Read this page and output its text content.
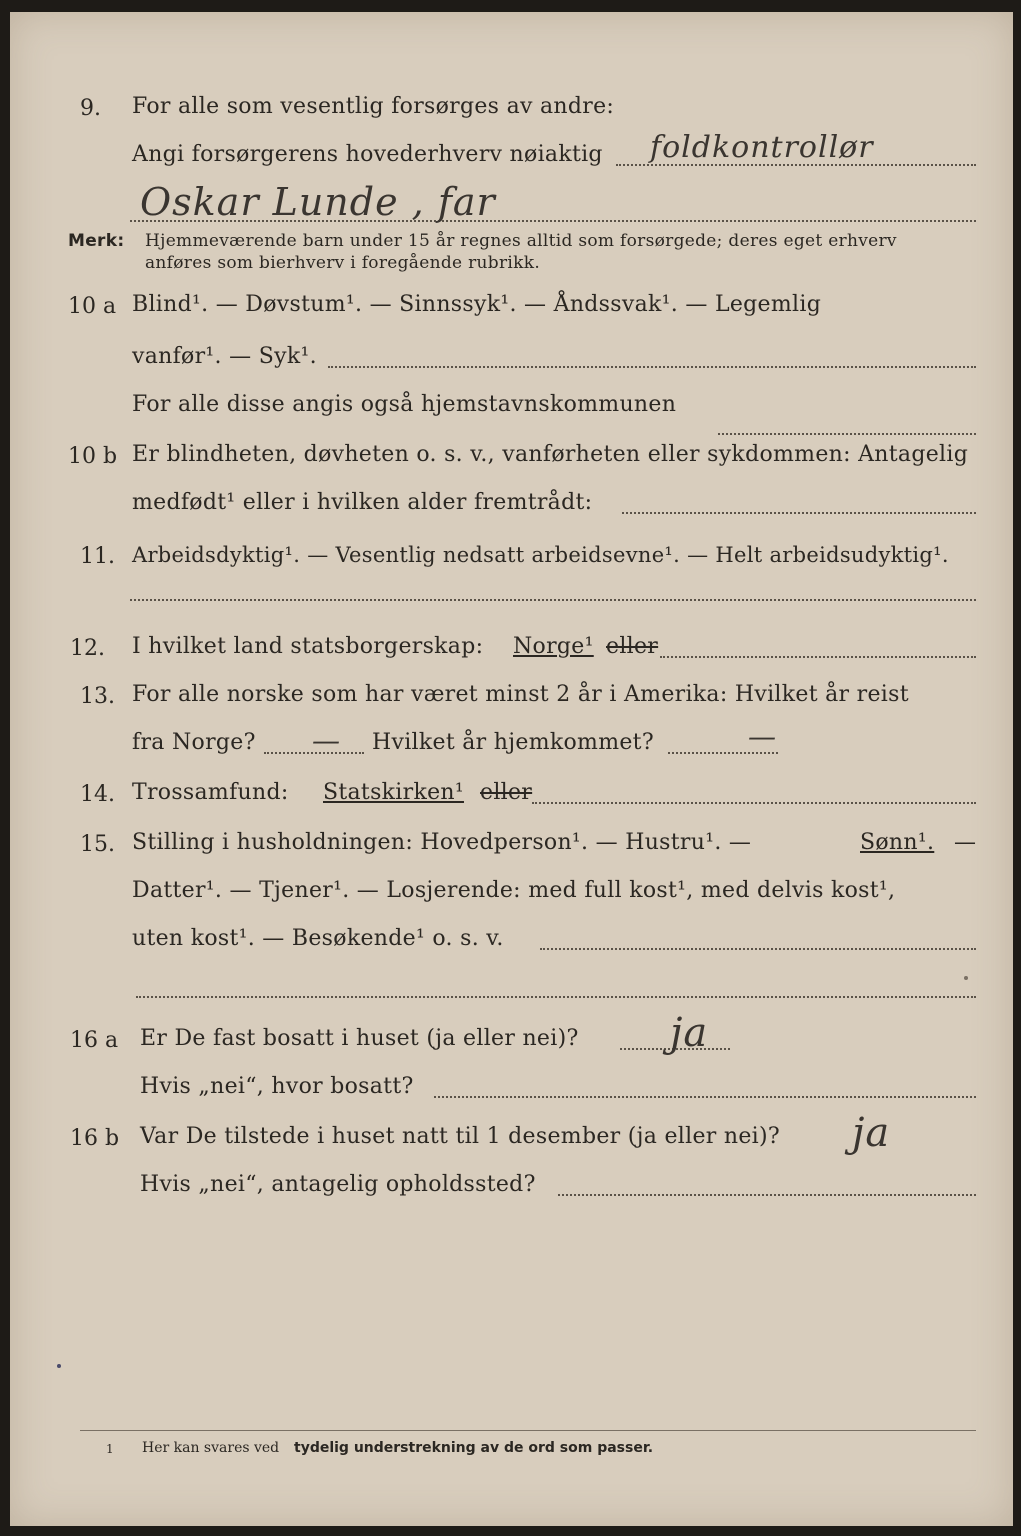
9. For alle som vesentlig forsørges av andre:
Angi forsørgerens hovederhverv nøiaktig foldkontrollør
Oskar Lunde , far
Merk: Hjemmeværende barn under 15 år regnes alltid som forsørgede; deres eget erhverv
anføres som bierhverv i foregående rubrikk.
10 a Blind¹. — Døvstum¹. — Sinnssyk¹. — Åndssvak¹. — Legemlig
vanfør¹. — Syk¹.
For alle disse angis også hjemstavnskommunen
10 b Er blindheten, døvheten o. s. v., vanførheten eller sykdommen: Antagelig
medfødt¹ eller i hvilken alder fremtrådt:
11. Arbeidsdyktig¹. — Vesentlig nedsatt arbeidsevne¹. — Helt arbeidsudyktig¹.
12. I hvilket land statsborgerskap: Norge¹ eller
13. For alle norske som har været minst 2 år i Amerika: Hvilket år reist
fra Norge? — Hvilket år hjemkommet?	—
14. Trossamfund: Statskirken¹ eller
15. Stilling i husholdningen: Hovedperson¹. — Hustru¹. —	Sønn¹. —
Datter¹. — Tjener¹. — Losjerende: med full kost¹, med delvis kost¹,
uten kost¹. — Besøkende¹ o. s. v.
16 a Er De fast bosatt i huset (ja eller nei)? ja
Hvis „nei“, hvor bosatt?
16 b Var De tilstede i huset natt til 1 desember (ja eller nei)? ja
Hvis „nei“, antagelig opholdssted?
1 Her kan svares ved tydelig understrekning av de ord som passer.
